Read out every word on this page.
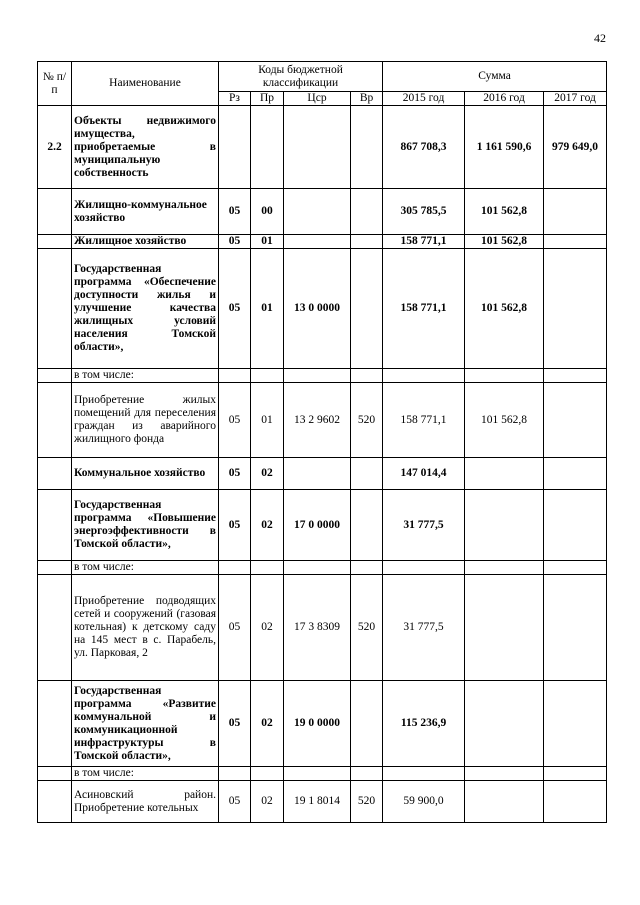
42
№ п/п	Наименование	Коды бюджетной классификации				Сумма		
		Рз	Пр	Цср	Вр	2015 год	2016 год	2017 год
2.2	Объекты недвижимого имущества, приобретаемые в муниципальную собственность					867 708,3	1 161 590,6	979 649,0
	Жилищно-коммунальное хозяйство	05	00			305 785,5	101 562,8	
	Жилищное хозяйство	05	01			158 771,1	101 562,8	
	Государственная программа «Обеспечение доступности жилья и улучшение качества жилищных условий населения Томской области»,	05	01	13 0 0000		158 771,1	101 562,8	
	в том числе:							
	Приобретение жилых помещений для переселения граждан из аварийного жилищного фонда	05	01	13 2 9602	520	158 771,1	101 562,8	
	Коммунальное хозяйство	05	02			147 014,4		
	Государственная программа «Повышение энергоэффективности в Томской области»,	05	02	17 0 0000		31 777,5		
	в том числе:							
	Приобретение подводящих сетей и сооружений (газовая котельная) к детскому саду на 145 мест в с. Парабель, ул. Парковая, 2	05	02	17 3 8309	520	31 777,5		
	Государственная программа «Развитие коммунальной и коммуникационной инфраструктуры в Томской области»,	05	02	19 0 0000		115 236,9		
	в том числе:							
	Асиновский район. Приобретение котельных	05	02	19 1 8014	520	59 900,0		
